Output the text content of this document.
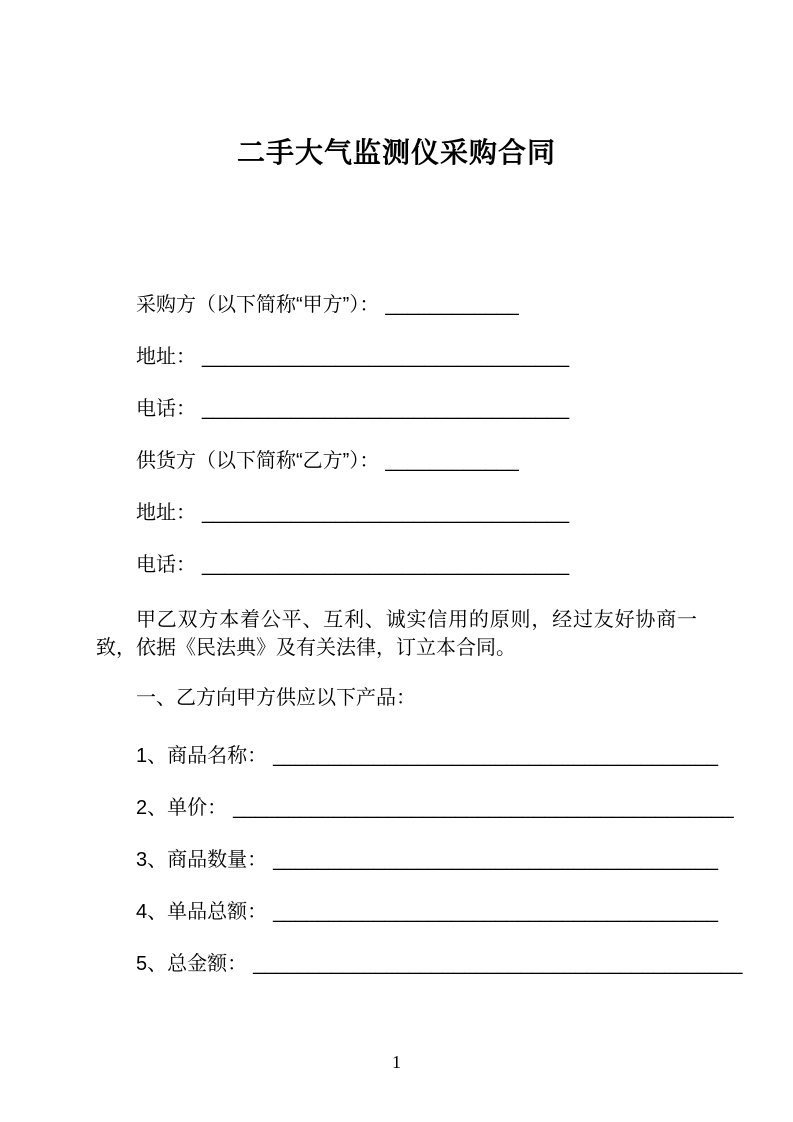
二手大气监测仪采购合同

采购方（以下简称“甲方”）： ____________

地址： _________________________________

电话： _________________________________

供货方（以下简称“乙方”）： ____________

地址： _________________________________

电话： _________________________________

甲乙双方本着公平、互利、诚实信用的原则，经过友好协商一致，依据《民法典》及有关法律，订立本合同。

一、乙方向甲方供应以下产品：

1、商品名称： ________________________________________

2、单价： _____________________________________________

3、商品数量： ________________________________________

4、单品总额： ________________________________________

5、总金额： ____________________________________________

1
